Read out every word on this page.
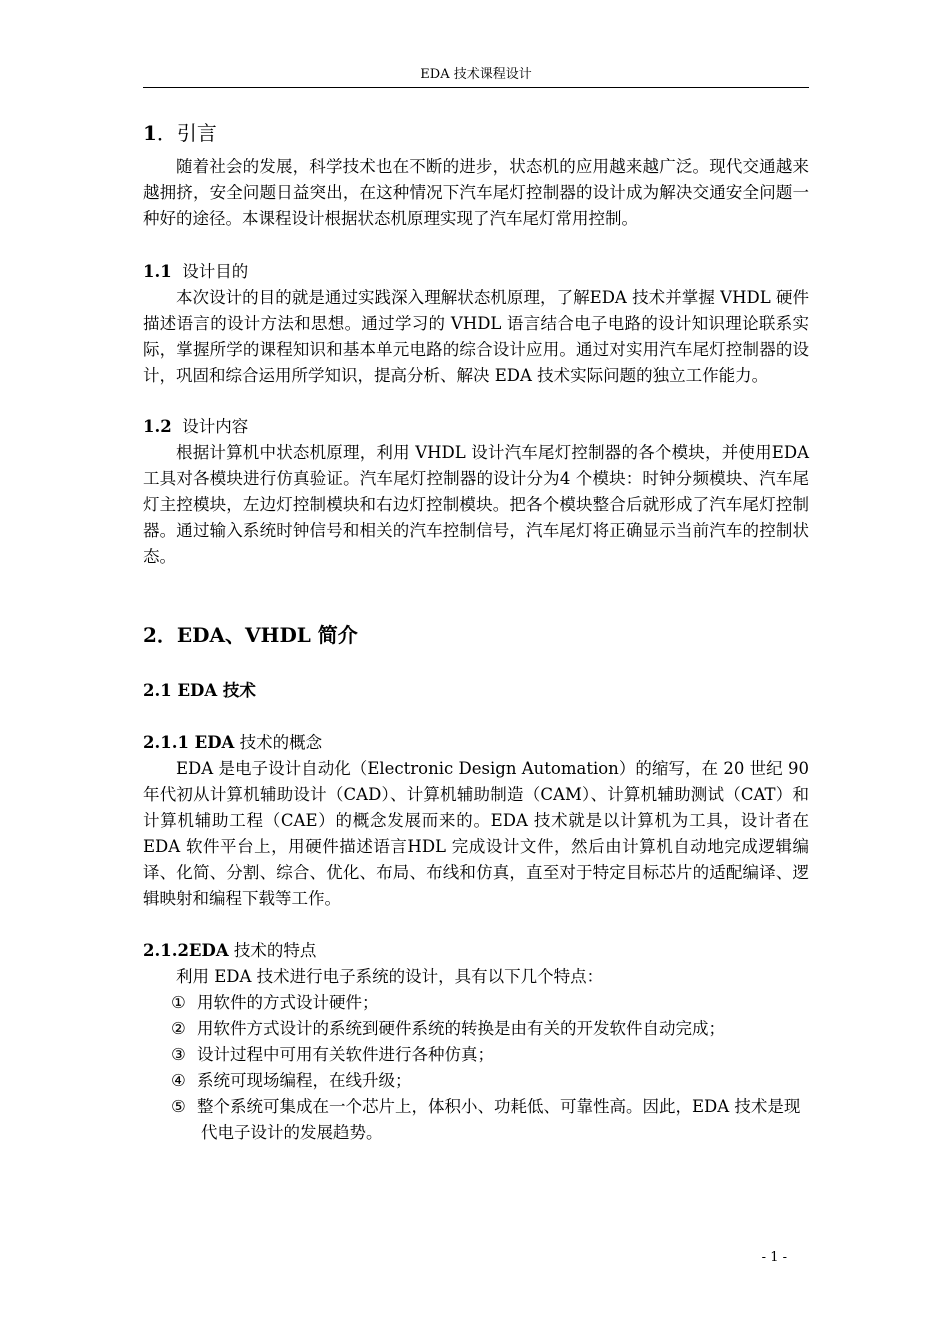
EDA 技术课程设计
1．引言

随着社会的发展，科学技术也在不断的进步，状态机的应用越来越广泛。现代交通越来越拥挤，安全问题日益突出，在这种情况下汽车尾灯控制器的设计成为解决交通安全问题一种好的途径。本课程设计根据状态机原理实现了汽车尾灯常用控制。

1.1 设计目的

本次设计的目的就是通过实践深入理解状态机原理，了解EDA 技术并掌握 VHDL 硬件描述语言的设计方法和思想。通过学习的 VHDL 语言结合电子电路的设计知识理论联系实际，掌握所学的课程知识和基本单元电路的综合设计应用。通过对实用汽车尾灯控制器的设计，巩固和综合运用所学知识，提高分析、解决 EDA 技术实际问题的独立工作能力。

1.2 设计内容

根据计算机中状态机原理，利用 VHDL 设计汽车尾灯控制器的各个模块，并使用EDA 工具对各模块进行仿真验证。汽车尾灯控制器的设计分为4 个模块：时钟分频模块、汽车尾灯主控模块，左边灯控制模块和右边灯控制模块。把各个模块整合后就形成了汽车尾灯控制器。通过输入系统时钟信号和相关的汽车控制信号，汽车尾灯将正确显示当前汽车的控制状态。

2．EDA、VHDL 简介
2.1 EDA 技术
2.1.1 EDA 技术的概念

EDA 是电子设计自动化（Electronic Design Automation）的缩写，在 20 世纪 90 年代初从计算机辅助设计（CAD）、计算机辅助制造（CAM）、计算机辅助测试（CAT）和计算机辅助工程（CAE）的概念发展而来的。EDA 技术就是以计算机为工具，设计者在EDA 软件平台上，用硬件描述语言HDL 完成设计文件，然后由计算机自动地完成逻辑编译、化简、分割、综合、优化、布局、布线和仿真，直至对于特定目标芯片的适配编译、逻辑映射和编程下载等工作。

2.1.2EDA 技术的特点

利用 EDA 技术进行电子系统的设计，具有以下几个特点：

① 用软件的方式设计硬件；
② 用软件方式设计的系统到硬件系统的转换是由有关的开发软件自动完成；
③ 设计过程中可用有关软件进行各种仿真；
④ 系统可现场编程，在线升级；
⑤ 整个系统可集成在一个芯片上，体积小、功耗低、可靠性高。因此，EDA 技术是现代电子设计的发展趋势。
- 1 -
